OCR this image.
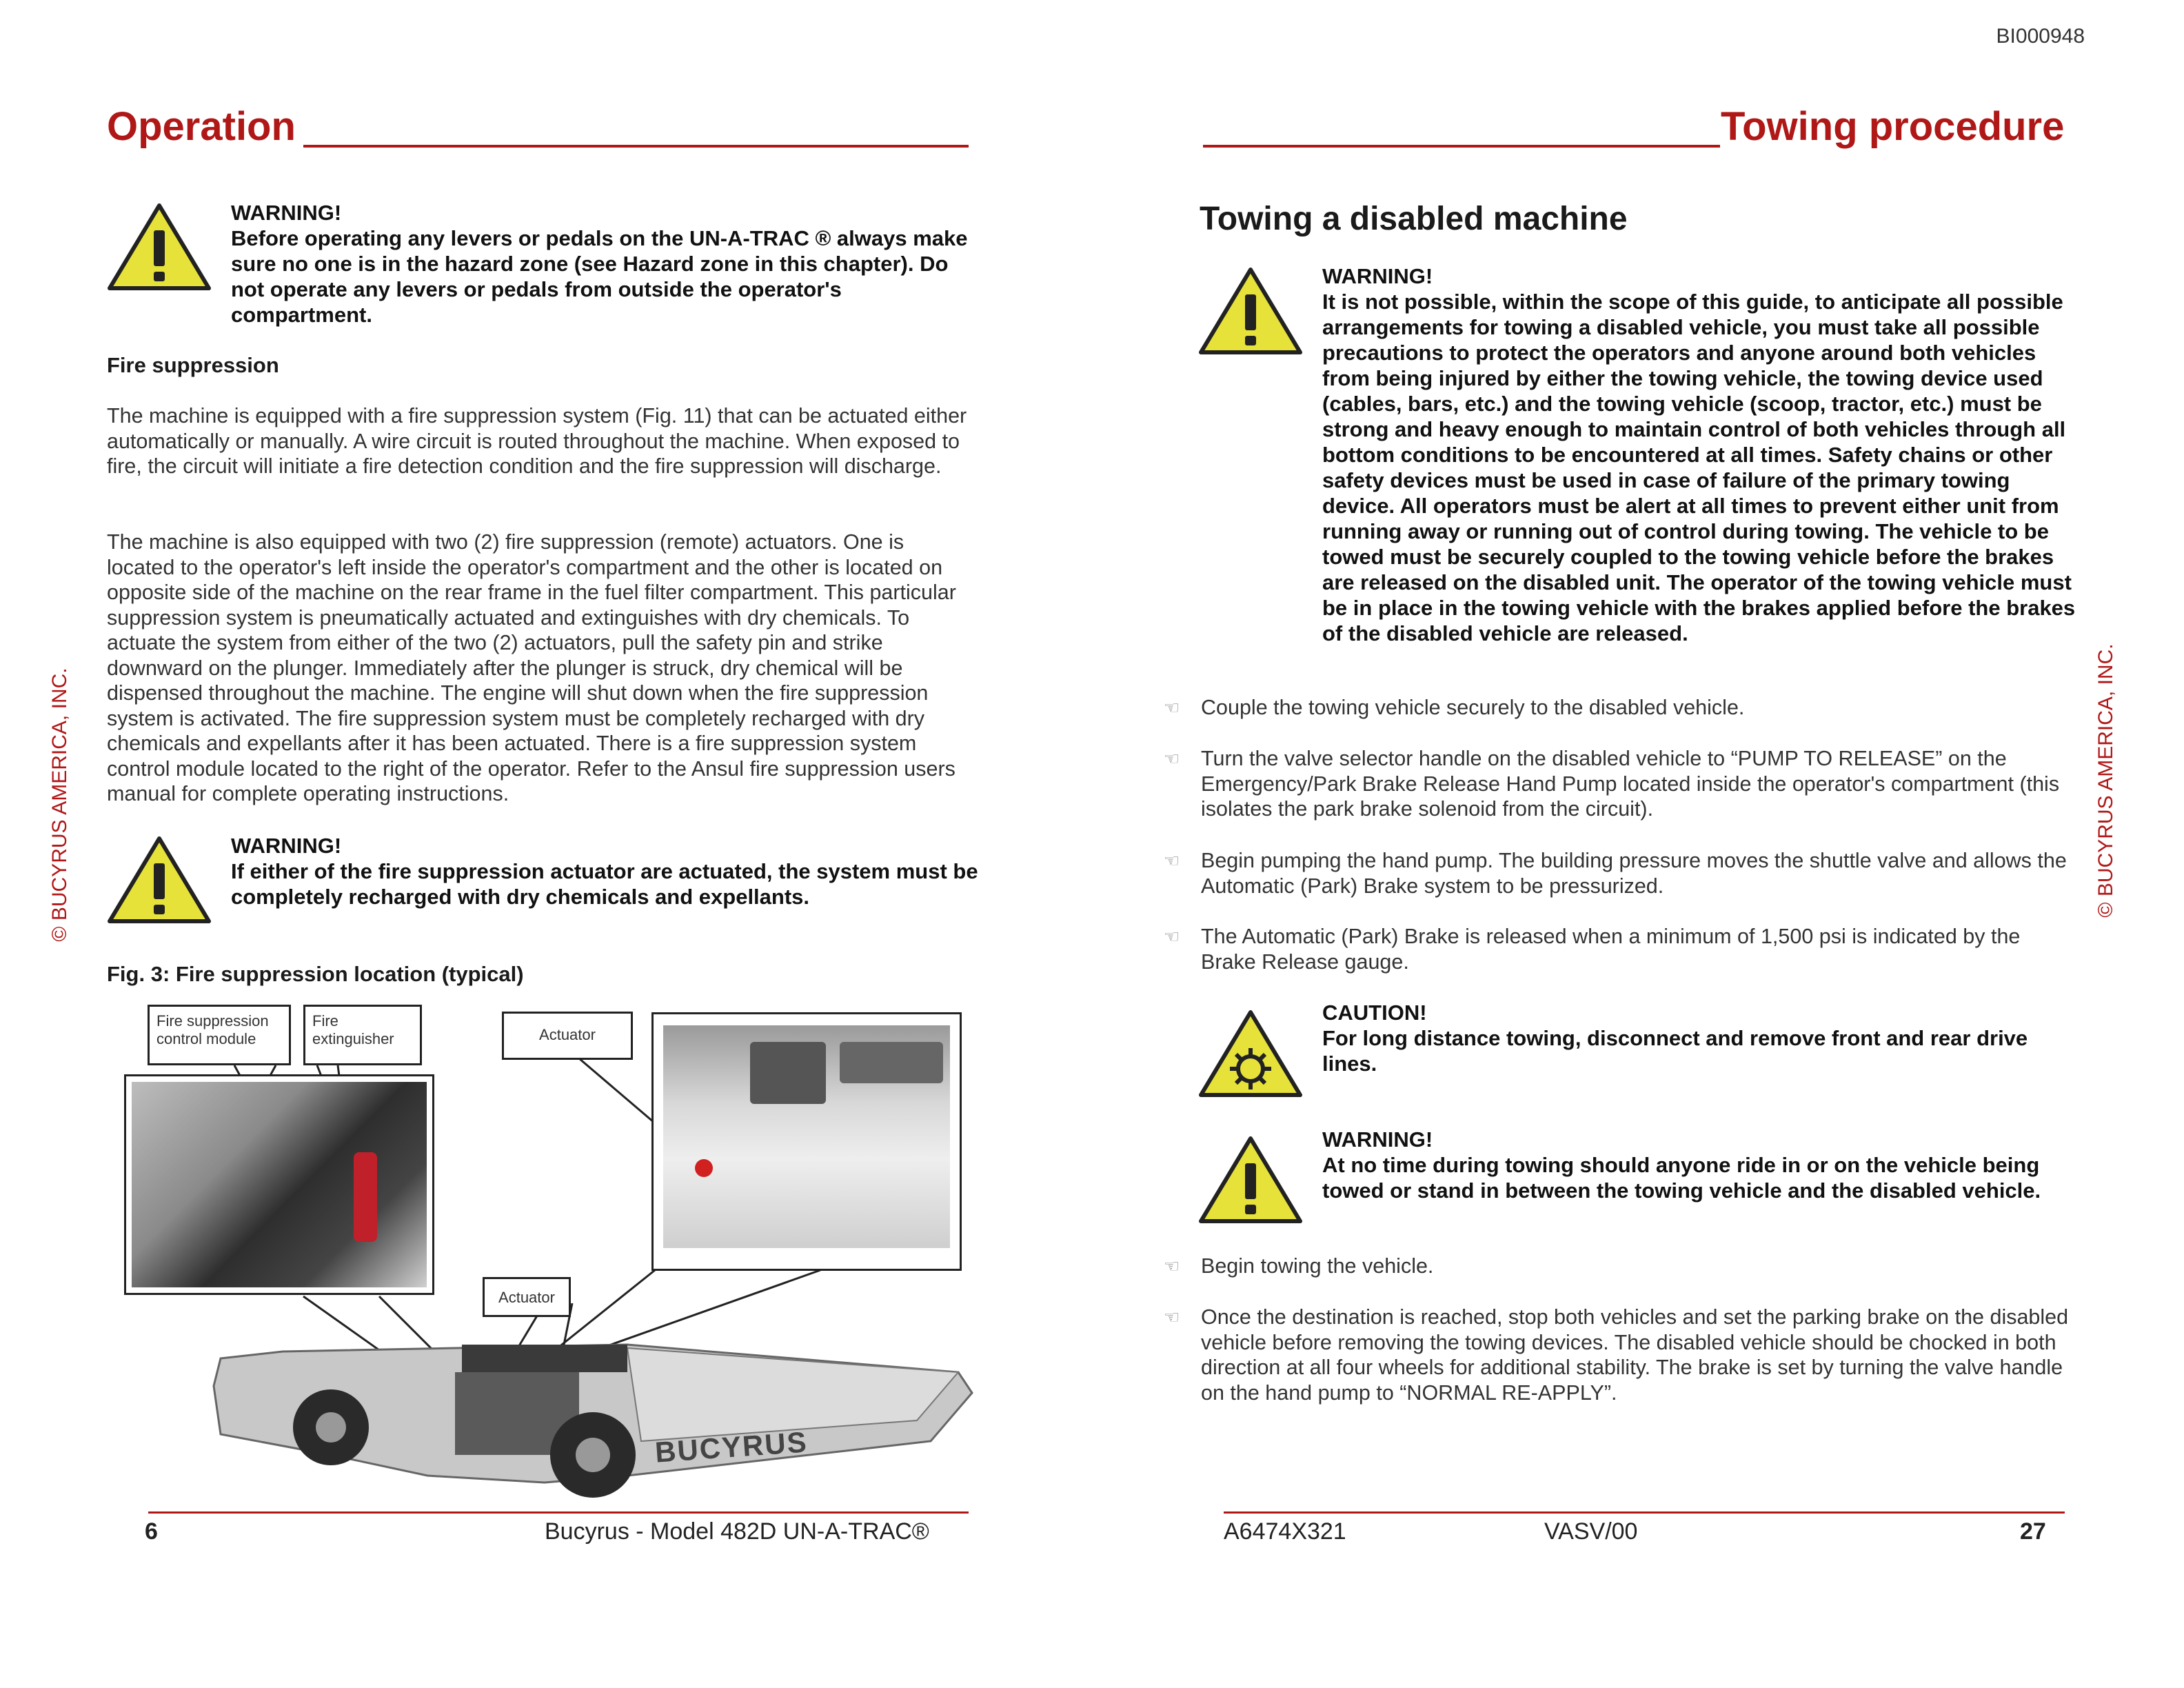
BI000948
Operation
WARNING!
Before operating any levers or pedals on the UN-A-TRAC ® always make sure no one is in the hazard zone (see Hazard zone in this chapter). Do not operate any levers or pedals from outside the operator's compartment.
Fire suppression
The machine is equipped with a fire suppression system (Fig. 11) that can be actuated either automatically or manually. A wire circuit is routed throughout the machine. When exposed to fire, the circuit will initiate a fire detection condition and the fire suppression will discharge.
The machine is also equipped with two (2) fire suppression (remote) actuators. One is located to the operator's left inside the operator's compartment and the other is located on opposite side of the machine on the rear frame in the fuel filter compartment. This particular suppression system is pneumatically actuated and extinguishes with dry chemicals. To actuate the system from either of the two (2) actuators, pull the safety pin and strike downward on the plunger. Immediately after the plunger is struck, dry chemical will be dispensed throughout the machine. The engine will shut down when the fire suppression system is activated. The fire suppression system must be completely recharged with dry chemicals and expellants after it has been actuated. There is a fire suppression system control module located to the right of the operator. Refer to the Ansul fire suppression users manual for complete operating instructions.
WARNING!
If either of the fire suppression actuator are actuated, the system must be completely recharged with dry chemicals and expellants.
Fig. 3: Fire suppression location (typical)
BUCYRUS
Fire suppression control module
Fire extinguisher	Actuator
Actuator
6	Bucyrus - Model 482D UN-A-TRAC®
© BUCYRUS AMERICA, INC.
Towing procedure
Towing a disabled machine
WARNING!
It is not possible, within the scope of this guide, to anticipate all possible arrangements for towing a disabled vehicle, you must take all possible precautions to protect the operators and anyone around both vehicles from being injured by either the towing vehicle, the towing device used (cables, bars, etc.) and the towing vehicle (scoop, tractor, etc.) must be strong and heavy enough to maintain control of both vehicles through all bottom conditions to be encountered at all times. Safety chains or other safety devices must be used in case of failure of the primary towing device. All operators must be alert at all times to prevent either unit from running away or running out of control during towing. The vehicle to be towed must be securely coupled to the towing vehicle before the brakes are released on the disabled unit. The operator of the towing vehicle must be in place in the towing vehicle with the brakes applied before the brakes of the disabled vehicle are released.
☜ Couple the towing vehicle securely to the disabled vehicle.
☜ Turn the valve selector handle on the disabled vehicle to “PUMP TO RELEASE” on the Emergency/Park Brake Release Hand Pump located inside the operator's compartment (this isolates the park brake solenoid from the circuit).
☜ Begin pumping the hand pump. The building pressure moves the shuttle valve and allows the Automatic (Park) Brake system to be pressurized.
☜ The Automatic (Park) Brake is released when a minimum of 1,500 psi is indicated by the Brake Release gauge.
CAUTION!
For long distance towing, disconnect and remove front and rear drive lines.
WARNING!
At no time during towing should anyone ride in or on the vehicle being towed or stand in between the towing vehicle and the disabled vehicle.
☜ Begin towing the vehicle.
☜ Once the destination is reached, stop both vehicles and set the parking brake on the disabled vehicle before removing the towing devices. The disabled vehicle should be chocked in both direction at all four wheels for additional stability. The brake is set by turning the valve handle on the hand pump to “NORMAL RE-APPLY”.
A6474X321	VASV/00	27
© BUCYRUS AMERICA, INC.
